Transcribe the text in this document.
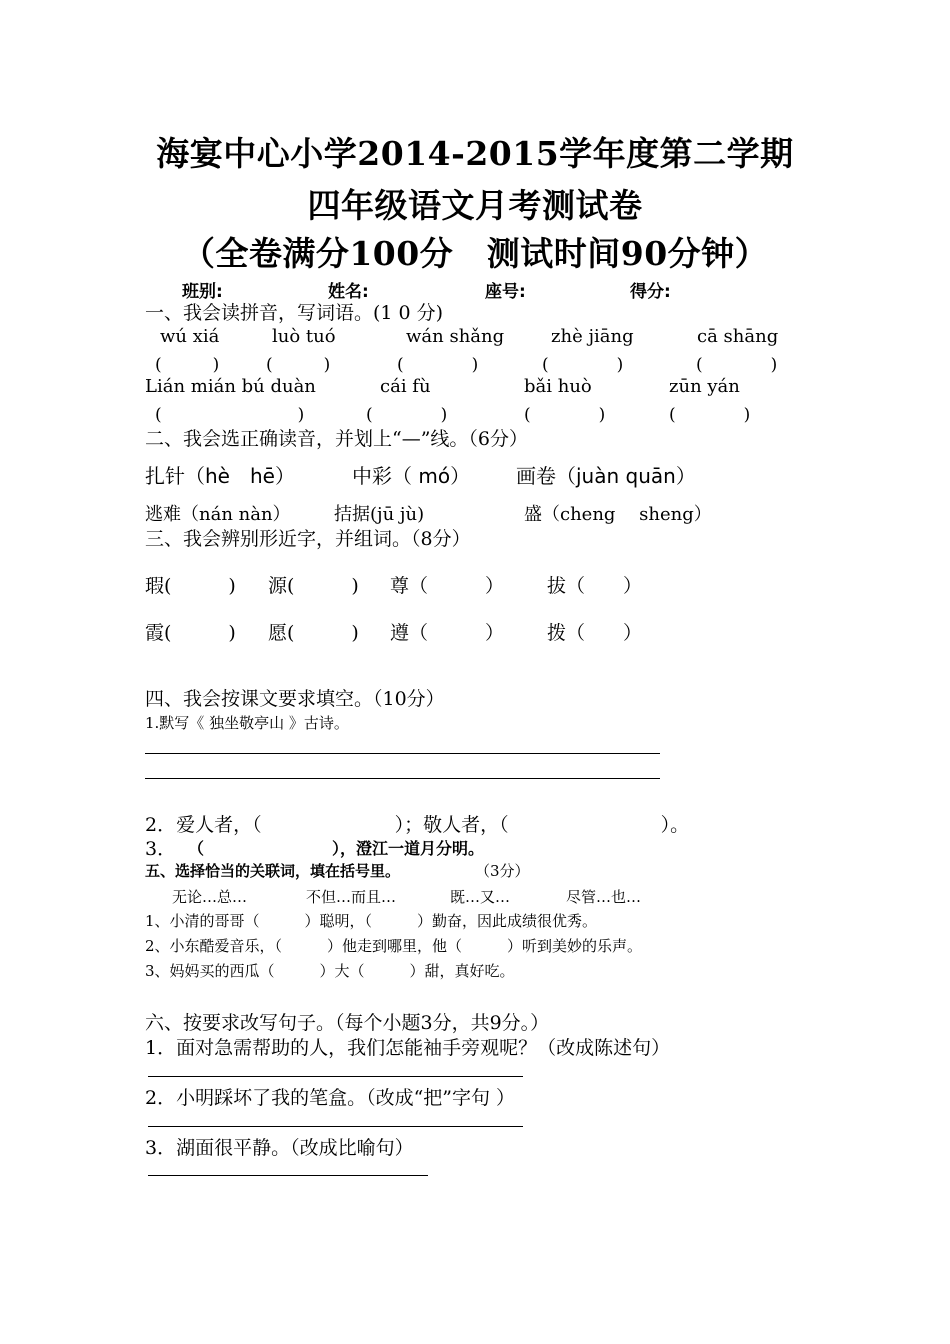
海宴中心小学2014-2015学年度第二学期
四年级语文月考测试卷
（全卷满分100分　测试时间90分钟）
班别:	姓名:	座号:	得分:
一、我会读拼音，写词语。(1 0 分)
wú xiá	luò tuó	wán shǎng	zhè jiāng	cā shāng
(　　　)	(　　　)	(　　　　)	(　　　　)	(　　　　)
Lián mián bú duàn	cái fù	bǎi huò	zūn yán
(　　　　　　　　)	(　　　　)	(　　　　)	(　　　　)
二、我会选正确读音，并划上“—”线。（6分）
扎针（hè　hē）	中彩（ mó） 画卷（juàn quān）
逃难（nán nàn） 拮据(jū jù)	盛（cheng　 sheng）
三、我会辨别形近字，并组词。（8分）
瑕(　　　) 源(　　　) 尊（　　　） 拔（　　）
霞(　　　) 愿(　　　) 遵（　　　） 拨（　　）
四、我会按课文要求填空。（10分）
1.默写《 独坐敬亭山 》古诗。
2．爱人者，（　　　　　　　）；敬人者，（　　　　　　　　）。
3． （　　　　　　　　），澄江一道月分明。
五、选择恰当的关联词，填在括号里。	（3分）
无论…总…	不但…而且…	既…又…	尽管…也…
1、小清的哥哥（　　　）聪明，（　　　）勤奋，因此成绩很优秀。
2、小东酷爱音乐，（　　　）他走到哪里，他（　　　）听到美妙的乐声。
3、妈妈买的西瓜（　　　）大（　　　）甜，真好吃。
六、按要求改写句子。（每个小题3分，共9分。）
1．面对急需帮助的人，我们怎能袖手旁观呢？（改成陈述句）
2．小明踩坏了我的笔盒。（改成“把”字句 ）
3．湖面很平静。（改成比喻句）
